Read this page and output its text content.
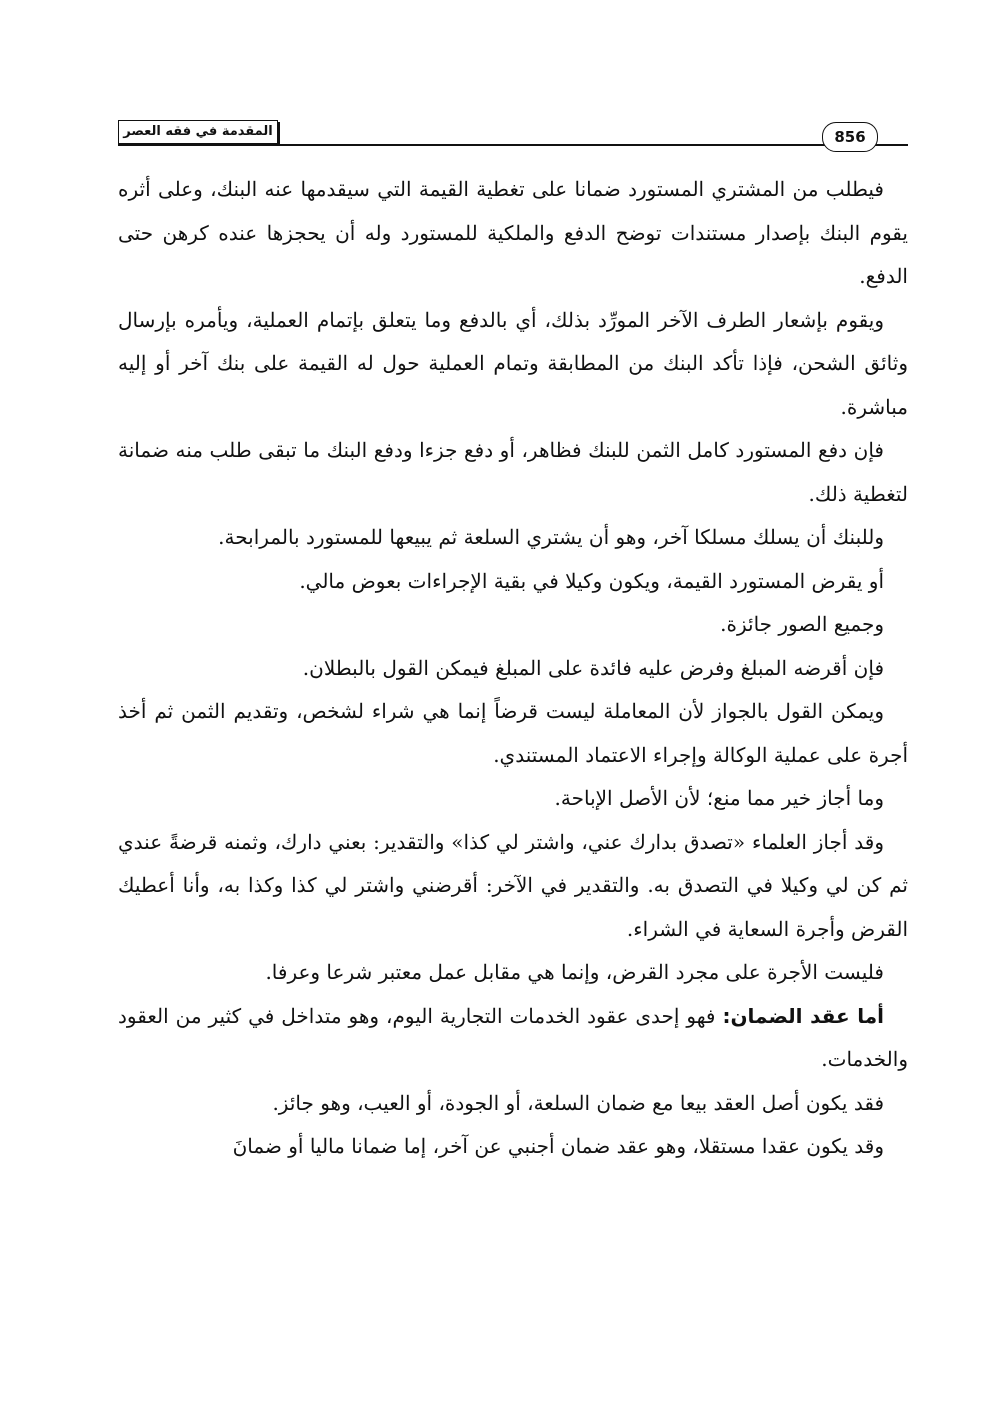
المقدمة في فقه العصر	856

فيطلب من المشتري المستورد ضمانا على تغطية القيمة التي سيقدمها عنه البنك، وعلى أثره يقوم البنك بإصدار مستندات توضح الدفع والملكية للمستورد وله أن يحجزها عنده كرهن حتى الدفع.

ويقوم بإشعار الطرف الآخر المورِّد بذلك، أي بالدفع وما يتعلق بإتمام العملية، ويأمره بإرسال وثائق الشحن، فإذا تأكد البنك من المطابقة وتمام العملية حول له القيمة على بنك آخر أو إليه مباشرة.

فإن دفع المستورد كامل الثمن للبنك فظاهر، أو دفع جزءا ودفع البنك ما تبقى طلب منه ضمانة لتغطية ذلك.

وللبنك أن يسلك مسلكا آخر، وهو أن يشتري السلعة ثم يبيعها للمستورد بالمرابحة.

أو يقرض المستورد القيمة، ويكون وكيلا في بقية الإجراءات بعوض مالي.

وجميع الصور جائزة.

فإن أقرضه المبلغ وفرض عليه فائدة على المبلغ فيمكن القول بالبطلان.

ويمكن القول بالجواز لأن المعاملة ليست قرضاً إنما هي شراء لشخص، وتقديم الثمن ثم أخذ أجرة على عملية الوكالة وإجراء الاعتماد المستندي.

وما أجاز خير مما منع؛ لأن الأصل الإباحة.

وقد أجاز العلماء «تصدق بدارك عني، واشتر لي كذا» والتقدير: بعني دارك، وثمنه قرضةً عندي ثم كن لي وكيلا في التصدق به. والتقدير في الآخر: أقرضني واشتر لي كذا وكذا به، وأنا أعطيك القرض وأجرة السعاية في الشراء.

فليست الأجرة على مجرد القرض، وإنما هي مقابل عمل معتبر شرعا وعرفا.

أما عقد الضمان: فهو إحدى عقود الخدمات التجارية اليوم، وهو متداخل في كثير من العقود والخدمات.

فقد يكون أصل العقد بيعا مع ضمان السلعة، أو الجودة، أو العيب، وهو جائز.

وقد يكون عقدا مستقلا، وهو عقد ضمان أجنبي عن آخر، إما ضمانا ماليا أو ضمانَ
